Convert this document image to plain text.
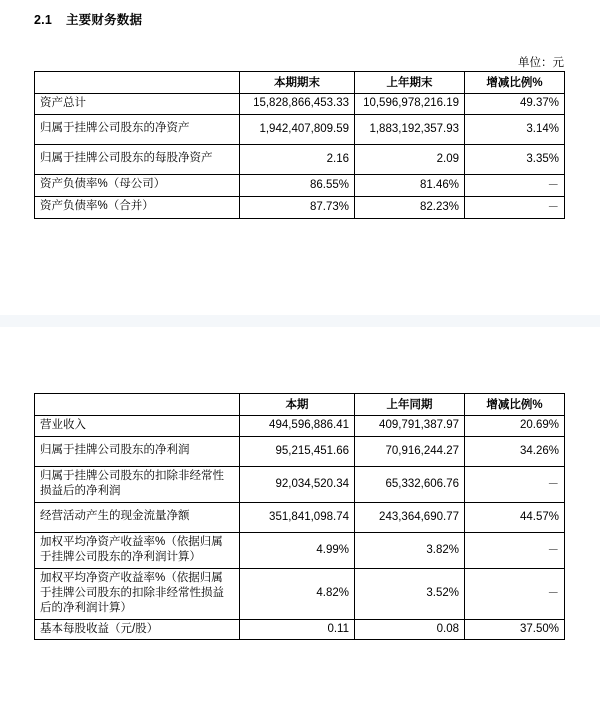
2.1 主要财务数据
单位：元
	本期期末	上年期末	增减比例%
资产总计	15,828,866,453.33	10,596,978,216.19	49.37%
归属于挂牌公司股东的净资产	1,942,407,809.59	1,883,192,357.93	3.14%
归属于挂牌公司股东的每股净资产	2.16	2.09	3.35%
资产负债率%（母公司）	86.55%	81.46%	－
资产负债率%（合并）	87.73%	82.23%	－
	本期	上年同期	增减比例%
营业收入	494,596,886.41	409,791,387.97	20.69%
归属于挂牌公司股东的净利润	95,215,451.66	70,916,244.27	34.26%
归属于挂牌公司股东的扣除非经常性损益后的净利润	92,034,520.34	65,332,606.76	－
经营活动产生的现金流量净额	351,841,098.74	243,364,690.77	44.57%
加权平均净资产收益率%（依据归属于挂牌公司股东的净利润计算）	4.99%	3.82%	－
加权平均净资产收益率%（依据归属于挂牌公司股东的扣除非经常性损益后的净利润计算）	4.82%	3.52%	－
基本每股收益（元/股）	0.11	0.08	37.50%
